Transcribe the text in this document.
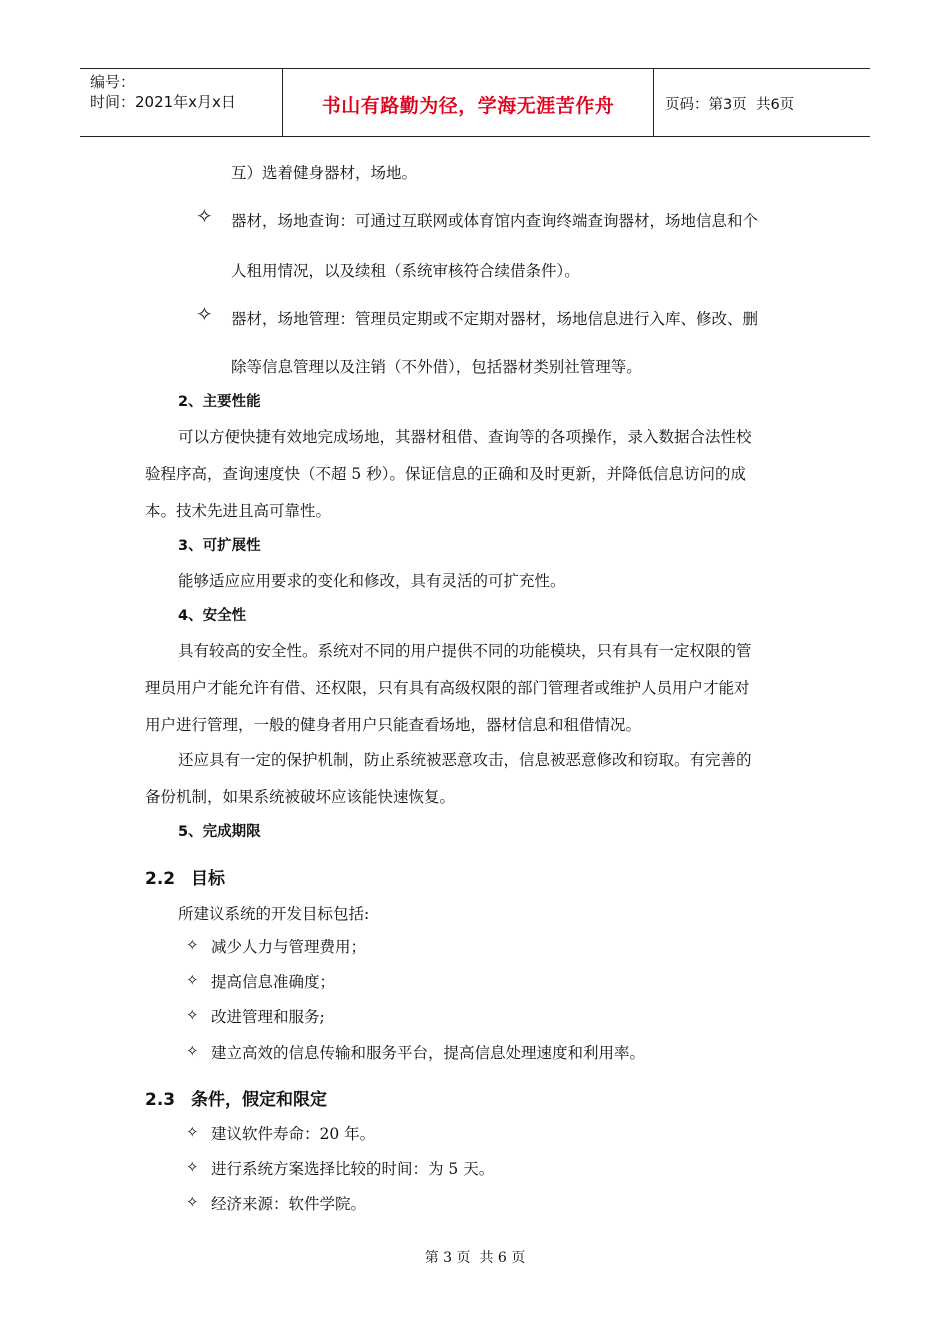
编号：
时间：2021年x月x日	书山有路勤为径，学海无涯苦作舟	页码：第3页  共6页
互）选着健身器材，场地。
✧ 器材，场地查询：可通过互联网或体育馆内查询终端查询器材，场地信息和个
人租用情况，以及续租（系统审核符合续借条件）。
✧ 器材，场地管理：管理员定期或不定期对器材，场地信息进行入库、修改、删
除等信息管理以及注销（不外借），包括器材类别社管理等。
2、主要性能
可以方便快捷有效地完成场地，其器材租借、查询等的各项操作，录入数据合法性校
验程序高，查询速度快（不超 5 秒）。保证信息的正确和及时更新，并降低信息访问的成
本。技术先进且高可靠性。
3、可扩展性
能够适应应用要求的变化和修改，具有灵活的可扩充性。
4、安全性
具有较高的安全性。系统对不同的用户提供不同的功能模块，只有具有一定权限的管
理员用户才能允许有借、还权限，只有具有高级权限的部门管理者或维护人员用户才能对
用户进行管理，一般的健身者用户只能查看场地，器材信息和租借情况。
还应具有一定的保护机制，防止系统被恶意攻击，信息被恶意修改和窃取。有完善的
备份机制，如果系统被破坏应该能快速恢复。
5、完成期限
2.2 目标
所建议系统的开发目标包括:
✧ 减少人力与管理费用；
✧ 提高信息准确度；
✧ 改进管理和服务;
✧ 建立高效的信息传输和服务平台，提高信息处理速度和利用率。
2.3 条件，假定和限定
✧ 建议软件寿命：20 年。
✧ 进行系统方案选择比较的时间：为 5 天。
✧ 经济来源：软件学院。
第 3 页  共 6 页
